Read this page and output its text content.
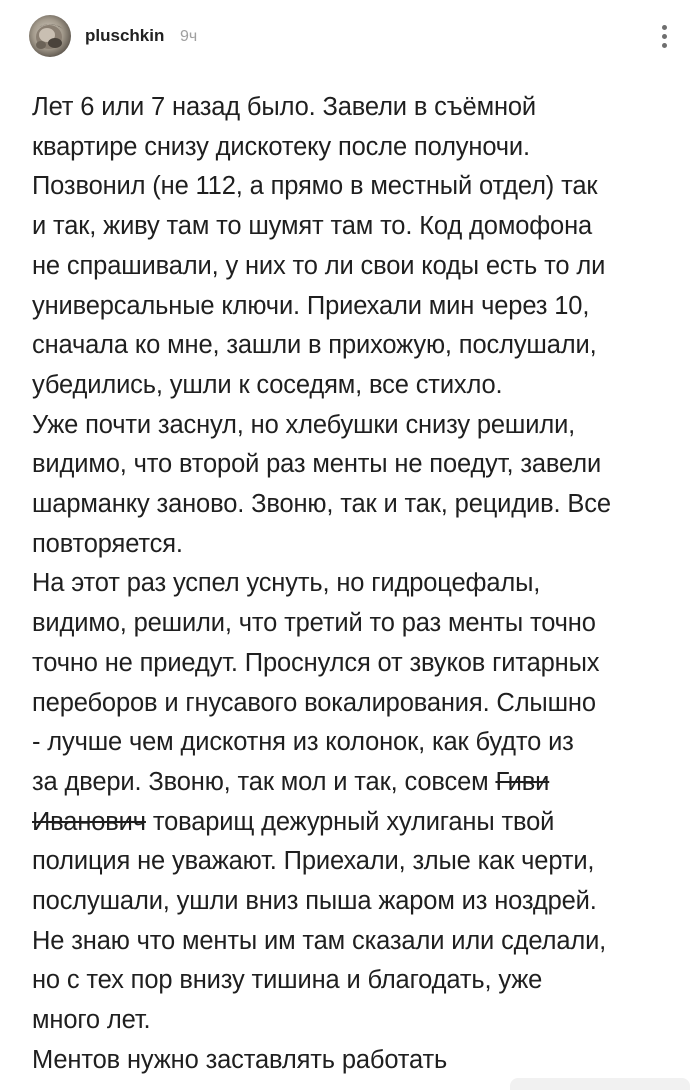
pluschkin 9ч
Лет 6 или 7 назад было. Завели в съёмной
квартире снизу дискотеку после полуночи.
Позвонил (не 112, а прямо в местный отдел) так
и так, живу там то шумят там то. Код домофона
не спрашивали, у них то ли свои коды есть то ли
универсальные ключи. Приехали мин через 10,
сначала ко мне, зашли в прихожую, послушали,
убедились, ушли к соседям, все стихло.
Уже почти заснул, но хлебушки снизу решили,
видимо, что второй раз менты не поедут, завели
шарманку заново. Звоню, так и так, рецидив. Все
повторяется.
На этот раз успел уснуть, но гидроцефалы,
видимо, решили, что третий то раз менты точно
точно не приедут. Проснулся от звуков гитарных
переборов и гнусавого вокалирования. Слышно
- лучше чем дискотня из колонок, как будто из
за двери. Звоню, так мол и так, совсем Гиви
Иванович товарищ дежурный хулиганы твой
полиция не уважают. Приехали, злые как черти,
послушали, ушли вниз пыша жаром из ноздрей.
Не знаю что менты им там сказали или сделали,
но с тех пор внизу тишина и благодать, уже
много лет.
Ментов нужно заставлять работать
